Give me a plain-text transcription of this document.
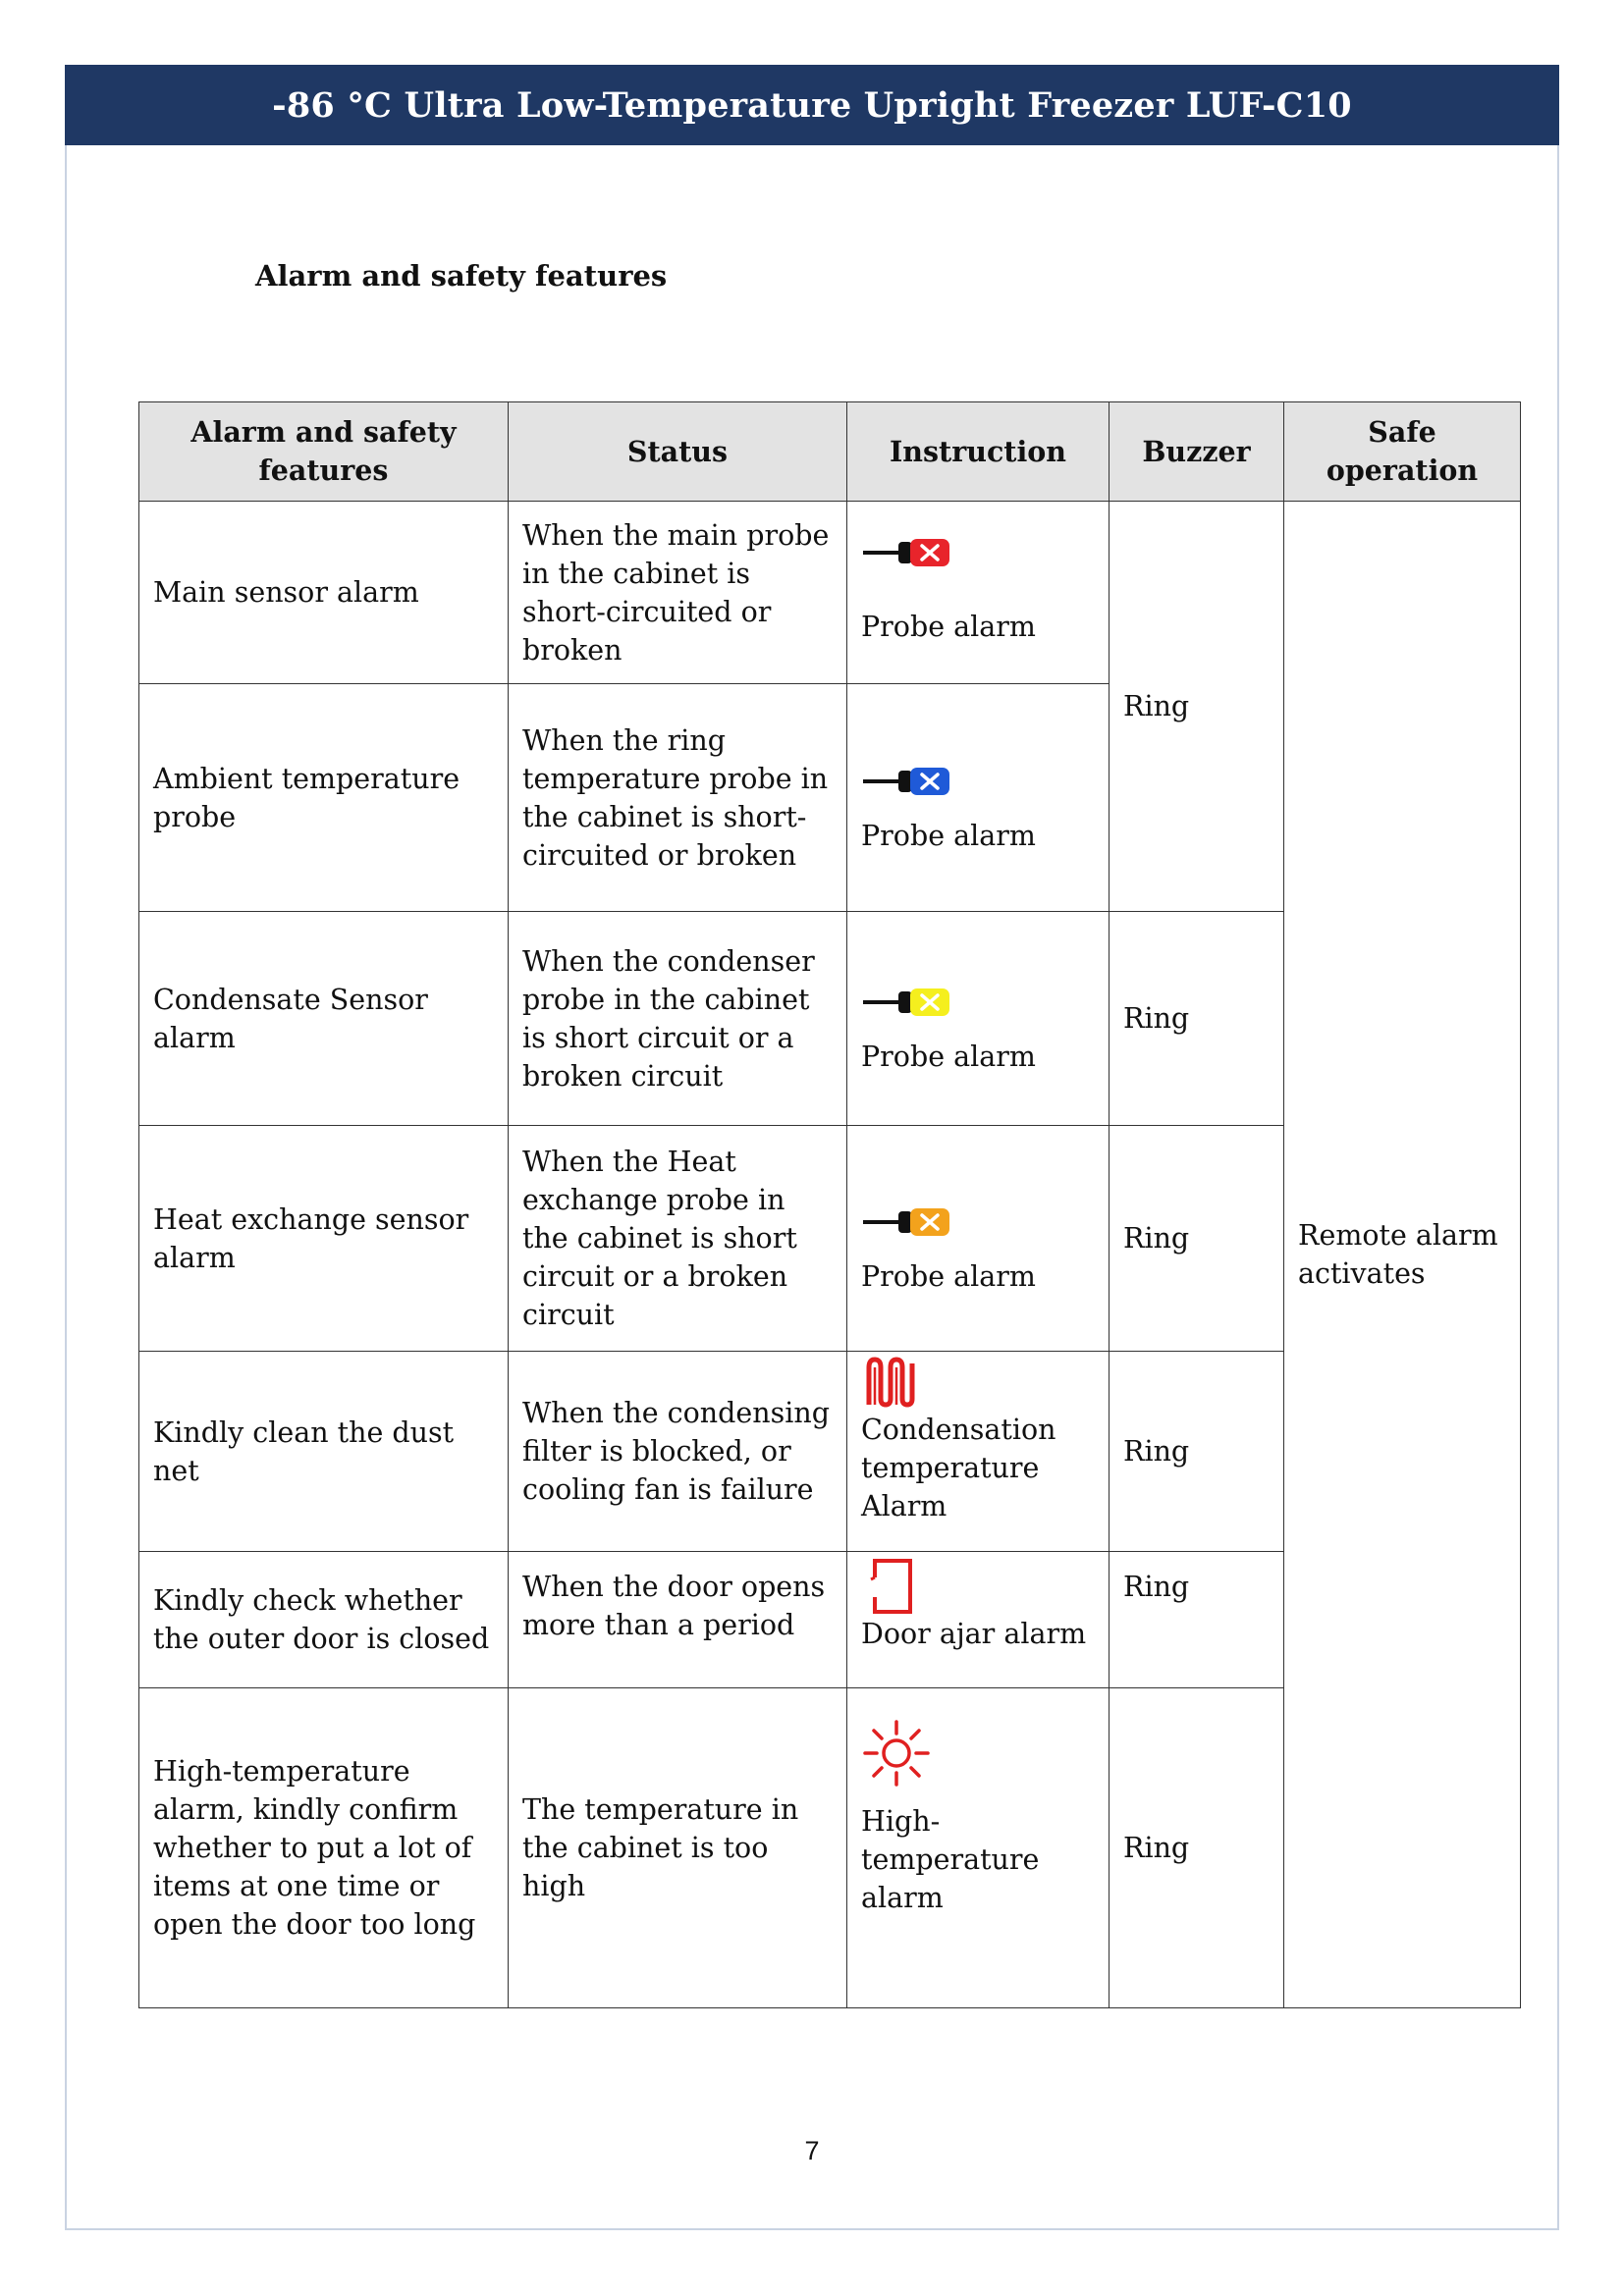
-86 °C Ultra Low-Temperature Upright Freezer LUF-C10
Alarm and safety features
Alarm and safety features	Status	Instruction	Buzzer	Safe operation
Main sensor alarm	When the main probe in the cabinet is short-circuited or broken	Probe alarm	Ring	Remote alarm activates
Ambient temperature probe	When the ring temperature probe in the cabinet is short-circuited or broken	Probe alarm		

Condensate Sensor alarm	When the condenser probe in the cabinet is short circuit or a broken circuit	Probe alarm	Ring	
Heat exchange sensor alarm	When the Heat exchange probe in the cabinet is short circuit or a broken circuit	Probe alarm	Ring	
Kindly clean the dust net	When the condensing filter is blocked, or cooling fan is failure	Condensation temperature Alarm	Ring	
Kindly check whether the outer door is closed	When the door opens more than a period	Door ajar alarm	Ring	
High-temperature alarm, kindly confirm whether to put a lot of items at one time or open the door too long	The temperature in the cabinet is too high	High-temperature alarm	Ring	
7
